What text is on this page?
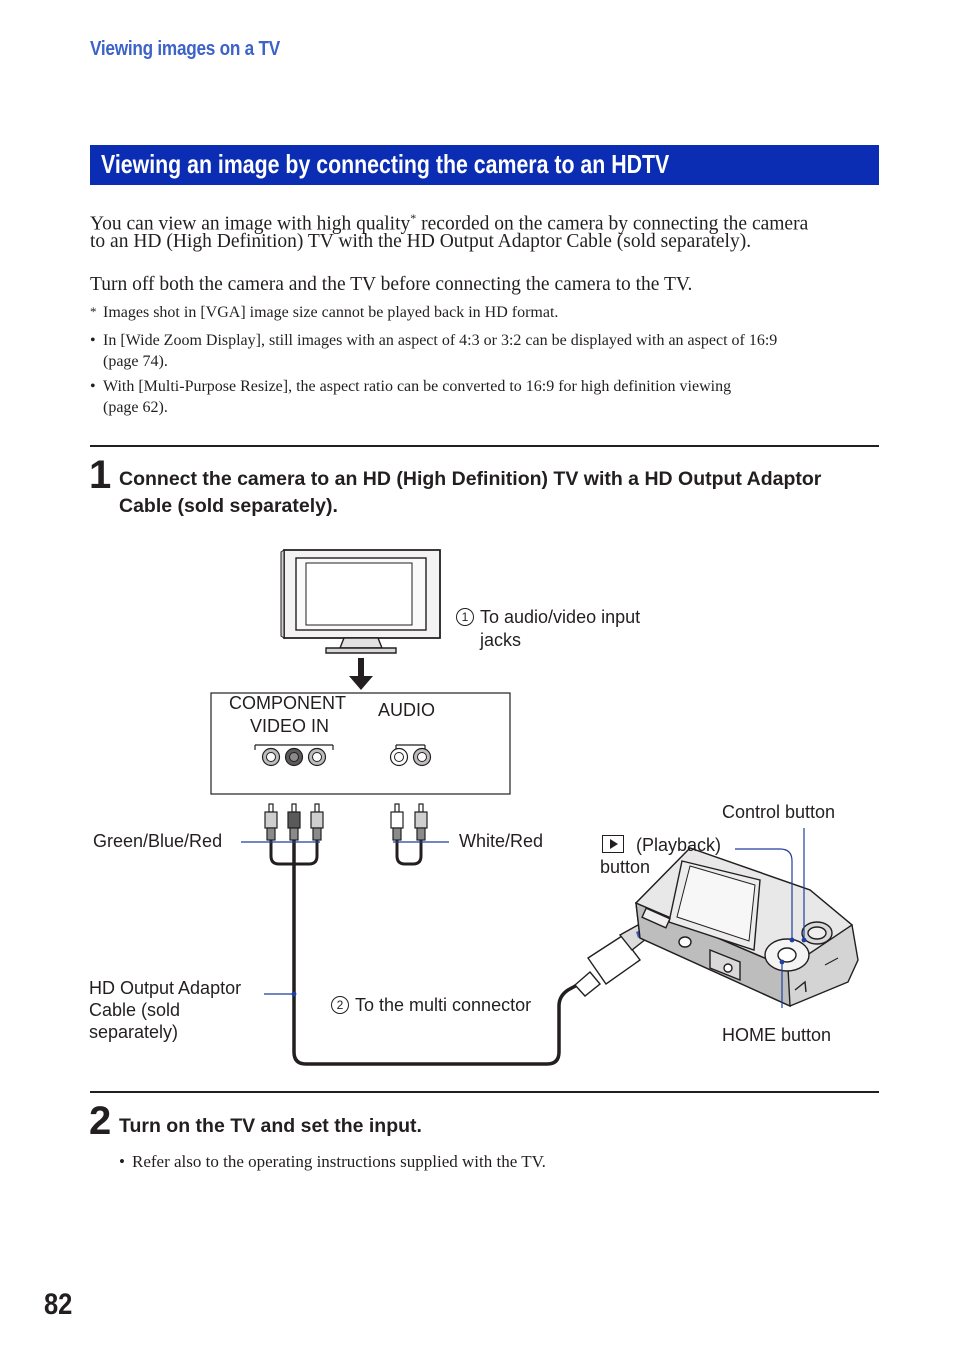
Viewing images on a TV
Viewing an image by connecting the camera to an HDTV
You can view an image with high quality* recorded on the camera by connecting the camera
to an HD (High Definition) TV with the HD Output Adaptor Cable (sold separately).
Turn off both the camera and the TV before connecting the camera to the TV.
* Images shot in [VGA] image size cannot be played back in HD format.
• In [Wide Zoom Display], still images with an aspect of 4:3 or 3:2 can be displayed with an aspect of 16:9
(page 74).
• With [Multi-Purpose Resize], the aspect ratio can be converted to 16:9 for high definition viewing
(page 62).
1 Connect the camera to an HD (High Definition) TV with a HD Output Adaptor
Cable (sold separately).
1 To audio/video input
jacks
COMPONENT
VIDEO IN
AUDIO
Green/Blue/Red	White/Red
Control button
(Playback)
button
HD Output Adaptor
Cable (sold
separately)
2 To the multi connector
HOME button
2 Turn on the TV and set the input.
• Refer also to the operating instructions supplied with the TV.
82
